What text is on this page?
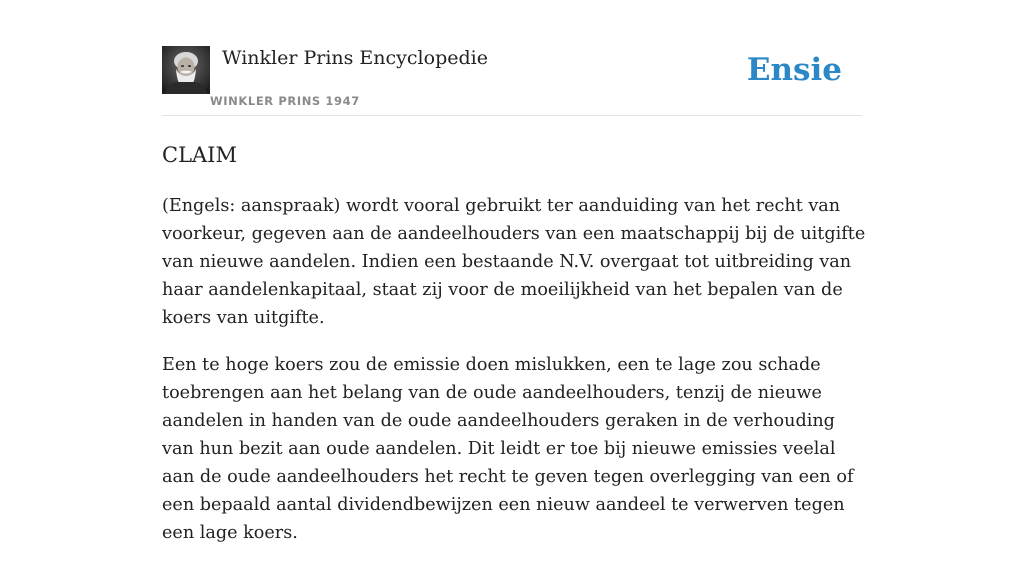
Winkler Prins Encyclopedie
WINKLER PRINS 1947
Ensie
CLAIM

(Engels: aanspraak) wordt vooral gebruikt ter aanduiding van het recht van voorkeur, gegeven aan de aandeelhouders van een maatschappij bij de uitgifte van nieuwe aandelen. Indien een bestaande N.V. overgaat tot uitbreiding van haar aandelenkapitaal, staat zij voor de moeilijkheid van het bepalen van de koers van uitgifte.

Een te hoge koers zou de emissie doen mislukken, een te lage zou schade toebrengen aan het belang van de oude aandeelhouders, tenzij de nieuwe aandelen in handen van de oude aandeelhouders geraken in de verhouding van hun bezit aan oude aandelen. Dit leidt er toe bij nieuwe emissies veelal aan de oude aandeelhouders het recht te geven tegen overlegging van een of een bepaald aantal dividendbewijzen een nieuw aandeel te verwerven tegen een lage koers.
